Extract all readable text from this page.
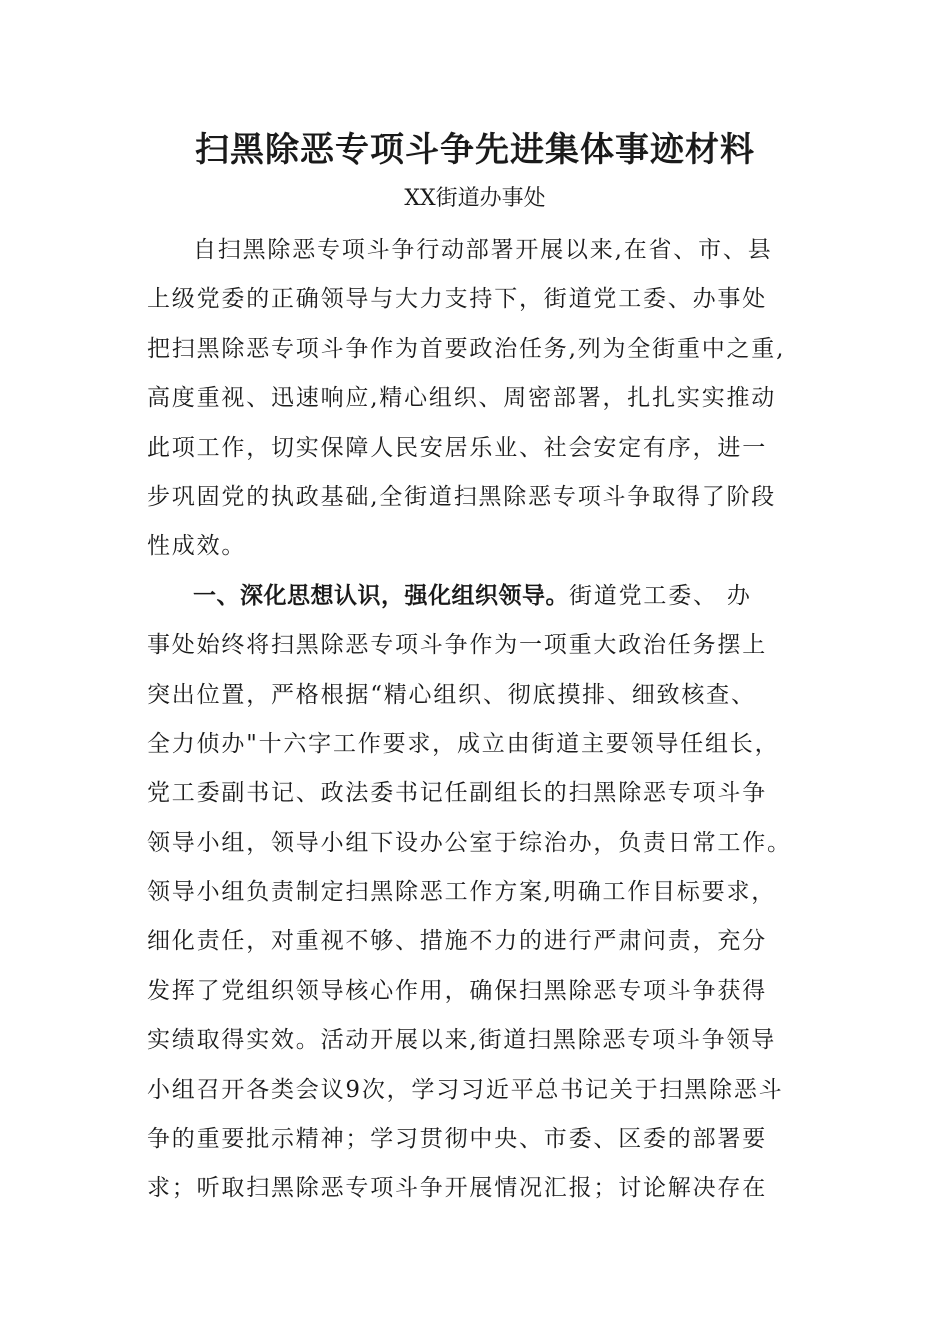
扫黑除恶专项斗争先进集体事迹材料
XX街道办事处
自扫黑除恶专项斗争行动部署开展以来,在省、市、县
上级党委的正确领导与大力支持下，街道党工委、办事处
把扫黑除恶专项斗争作为首要政治任务,列为全街重中之重,
高度重视、迅速响应,精心组织、周密部署，扎扎实实推动
此项工作，切实保障人民安居乐业、社会安定有序，进一
步巩固党的执政基础,全街道扫黑除恶专项斗争取得了阶段
性成效。
一、深化思想认识，强化组织领导。街道党工委、 办
事处始终将扫黑除恶专项斗争作为一项重大政治任务摆上
突出位置，严格根据“精心组织、彻底摸排、细致核查、
全力侦办"十六字工作要求，成立由街道主要领导任组长，
党工委副书记、政法委书记任副组长的扫黑除恶专项斗争
领导小组，领导小组下设办公室于综治办，负责日常工作。
领导小组负责制定扫黑除恶工作方案,明确工作目标要求，
细化责任，对重视不够、措施不力的进行严肃问责，充分
发挥了党组织领导核心作用，确保扫黑除恶专项斗争获得
实绩取得实效。活动开展以来,街道扫黑除恶专项斗争领导
小组召开各类会议9次，学习习近平总书记关于扫黑除恶斗
争的重要批示精神；学习贯彻中央、市委、区委的部署要
求；听取扫黑除恶专项斗争开展情况汇报；讨论解决存在
